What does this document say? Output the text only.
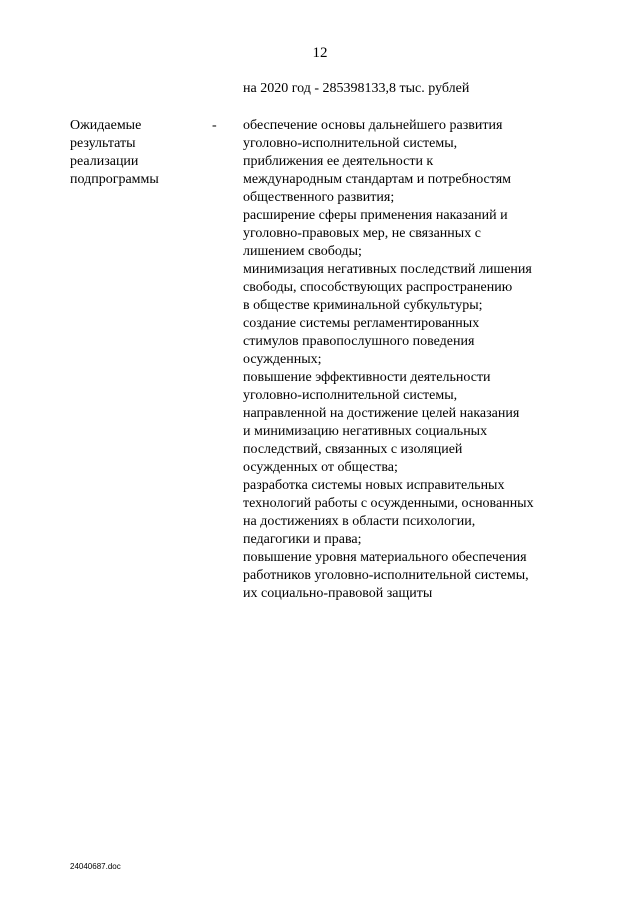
12
на 2020 год - 285398133,8 тыс. рублей
Ожидаемые
результаты
реализации
подпрограммы
- обеспечение основы дальнейшего развития
уголовно-исполнительной системы,
приближения ее деятельности к
международным стандартам и потребностям
общественного развития;
расширение сферы применения наказаний и
уголовно-правовых мер, не связанных с
лишением свободы;
минимизация негативных последствий лишения
свободы, способствующих распространению
в обществе криминальной субкультуры;
создание системы регламентированных
стимулов правопослушного поведения
осужденных;
повышение эффективности деятельности
уголовно-исполнительной системы,
направленной на достижение целей наказания
и минимизацию негативных социальных
последствий, связанных с изоляцией
осужденных от общества;
разработка системы новых исправительных
технологий работы с осужденными, основанных
на достижениях в области психологии,
педагогики и права;
повышение уровня материального обеспечения
работников уголовно-исполнительной системы,
их социально-правовой защиты
24040687.doc
